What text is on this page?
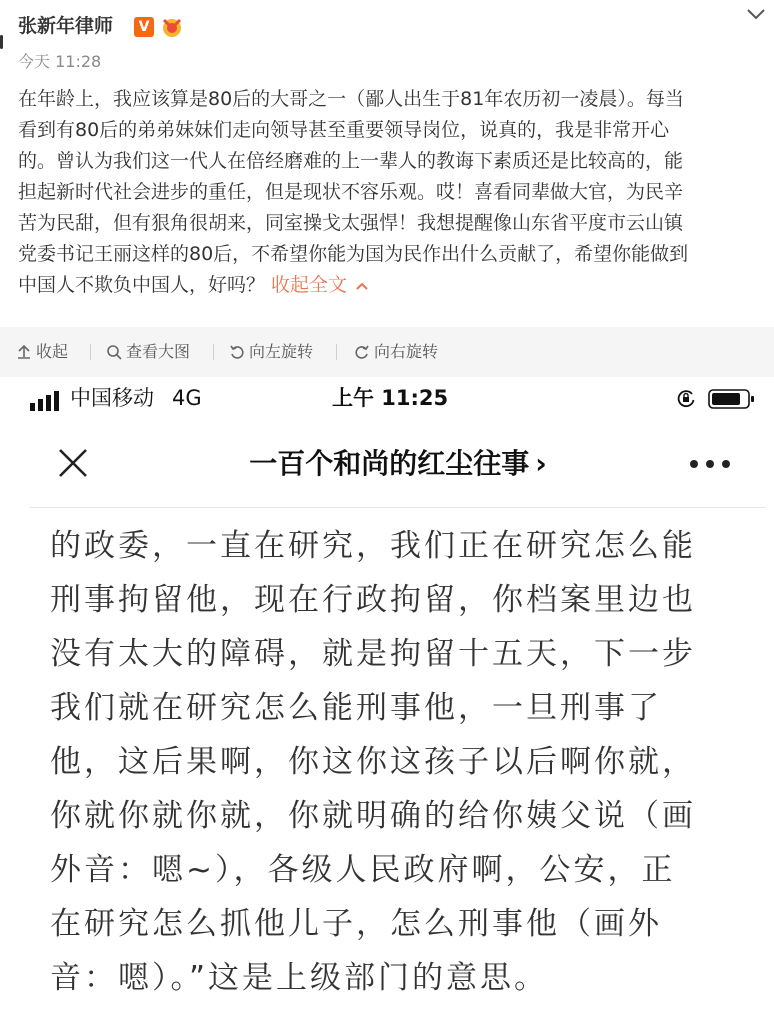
张新年律师	V
今天 11:28
在年龄上，我应该算是80后的大哥之一（鄙人出生于81年农历初一凌晨）。每当
看到有80后的弟弟妹妹们走向领导甚至重要领导岗位，说真的，我是非常开心
的。曾认为我们这一代人在倍经磨难的上一辈人的教诲下素质还是比较高的，能
担起新时代社会进步的重任，但是现状不容乐观。哎！喜看同辈做大官，为民辛
苦为民甜，但有狠角很胡来，同室操戈太强悍！我想提醒像山东省平度市云山镇
党委书记王丽这样的80后，不希望你能为国为民作出什么贡献了，希望你能做到
中国人不欺负中国人，好吗？ 收起全文
收起	查看大图	向左旋转	向右旋转
中国移动 4G	上午 11:25
一百个和尚的红尘往事 ›
的政委，一直在研究，我们正在研究怎么能
刑事拘留他，现在行政拘留，你档案里边也
没有太大的障碍，就是拘留十五天，下一步
我们就在研究怎么能刑事他，一旦刑事了
他，这后果啊，你这你这孩子以后啊你就，
你就你就你就，你就明确的给你姨父说（画
外音：嗯~），各级人民政府啊，公安，正
在研究怎么抓他儿子，怎么刑事他（画外
音：嗯）。”这是上级部门的意思。
